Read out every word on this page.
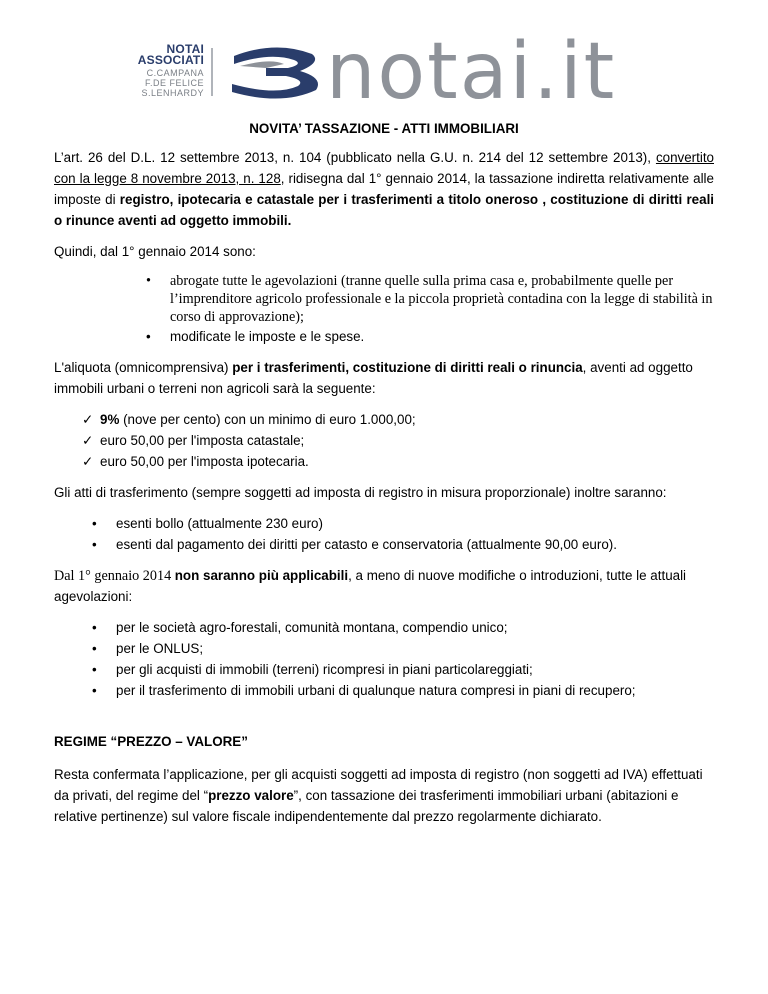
NOTAI
ASSOCIATI
C.CAMPANA
F.DE FELICE
S.LENHARDY notai.it
NOVITA’ TASSAZIONE - ATTI IMMOBILIARI

L’art. 26 del D.L. 12 settembre 2013, n. 104 (pubblicato nella G.U. n. 214 del 12 settembre 2013), convertito con la legge 8 novembre 2013, n. 128, ridisegna dal 1° gennaio 2014, la tassazione indiretta relativamente alle imposte di registro, ipotecaria e catastale per i trasferimenti a titolo oneroso , costituzione di diritti reali o rinunce aventi ad oggetto immobili.

Quindi, dal 1° gennaio 2014 sono:

• abrogate tutte le agevolazioni (tranne quelle sulla prima casa e, probabilmente quelle per l’imprenditore agricolo professionale e la piccola proprietà contadina con la legge di stabilità in corso di approvazione);
• modificate le imposte e le spese.

L'aliquota (omnicomprensiva) per i trasferimenti, costituzione di diritti reali o rinuncia, aventi ad oggetto immobili urbani o terreni non agricoli sarà la seguente:

✓ 9% (nove per cento) con un minimo di euro 1.000,00;
✓ euro 50,00 per l'imposta catastale;
✓ euro 50,00 per l'imposta ipotecaria.

Gli atti di trasferimento (sempre soggetti ad imposta di registro in misura proporzionale) inoltre saranno:

• esenti bollo (attualmente 230 euro)
• esenti dal pagamento dei diritti per catasto e conservatoria (attualmente 90,00 euro).

Dal 1° gennaio 2014 non saranno più applicabili, a meno di nuove modifiche o introduzioni, tutte le attuali agevolazioni:

• per le società agro-forestali, comunità montana, compendio unico;
• per le ONLUS;
• per gli acquisti di immobili (terreni) ricompresi in piani particolareggiati;
• per il trasferimento di immobili urbani di qualunque natura compresi in piani di recupero;
REGIME “PREZZO – VALORE”

Resta confermata l’applicazione, per gli acquisti soggetti ad imposta di registro (non soggetti ad IVA) effettuati da privati, del regime del “prezzo valore”, con tassazione dei trasferimenti immobiliari urbani (abitazioni e relative pertinenze) sul valore fiscale indipendentemente dal prezzo regolarmente dichiarato.
